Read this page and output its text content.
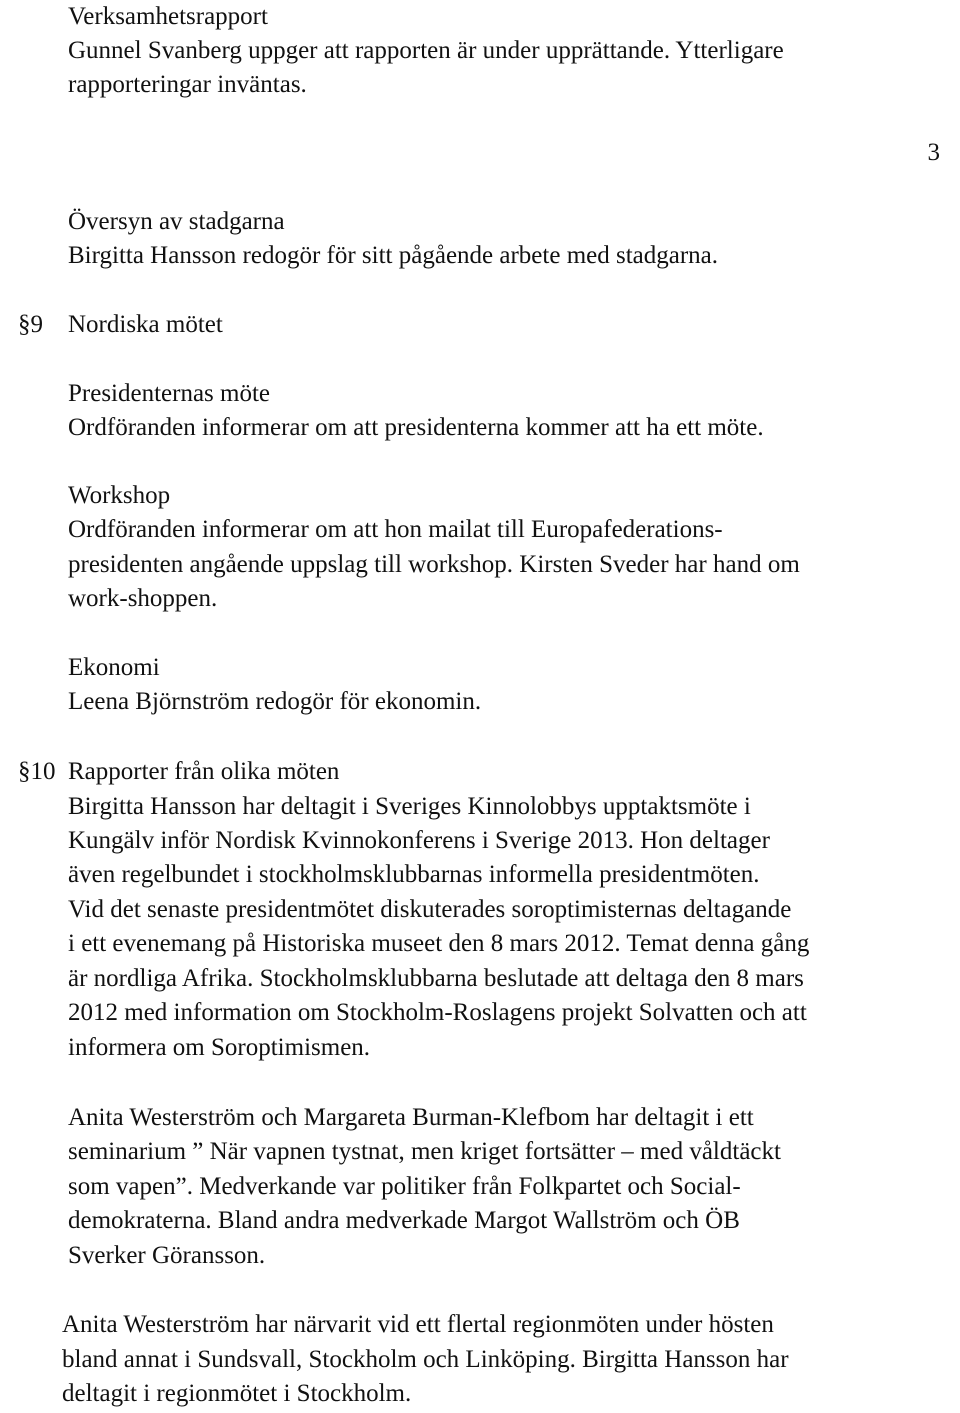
3
Verksamhetsrapport
Gunnel Svanberg uppger att rapporten är under upprättande. Ytterligare
rapporteringar inväntas.
Översyn av stadgarna
Birgitta Hansson redogör för sitt pågående arbete med stadgarna.
§9 Nordiska mötet
Presidenternas möte
Ordföranden informerar om att presidenterna kommer att ha ett möte.
Workshop
Ordföranden informerar om att hon mailat till Europafederations-
presidenten angående uppslag till workshop. Kirsten Sveder har hand om
work-shoppen.
Ekonomi
Leena Björnström redogör för ekonomin.
§10 Rapporter från olika möten
Birgitta Hansson har deltagit i Sveriges Kinnolobbys upptaktsmöte i
Kungälv inför Nordisk Kvinnokonferens i Sverige 2013. Hon deltager
även regelbundet i stockholmsklubbarnas informella presidentmöten.
Vid det senaste presidentmötet diskuterades soroptimisternas deltagande
i ett evenemang på Historiska museet den 8 mars 2012. Temat denna gång
är nordliga Afrika. Stockholmsklubbarna beslutade att deltaga den 8 mars
2012 med information om Stockholm-Roslagens projekt Solvatten och att
informera om Soroptimismen.
Anita Westerström och Margareta Burman-Klefbom har deltagit i ett
seminarium ” När vapnen tystnat, men kriget fortsätter – med våldtäckt
som vapen”. Medverkande var politiker från Folkpartet och Social-
demokraterna. Bland andra medverkade Margot Wallström och ÖB
Sverker Göransson.
Anita Westerström har närvarit vid ett flertal regionmöten under hösten
bland annat i Sundsvall, Stockholm och Linköping. Birgitta Hansson har
deltagit i regionmötet i Stockholm.
